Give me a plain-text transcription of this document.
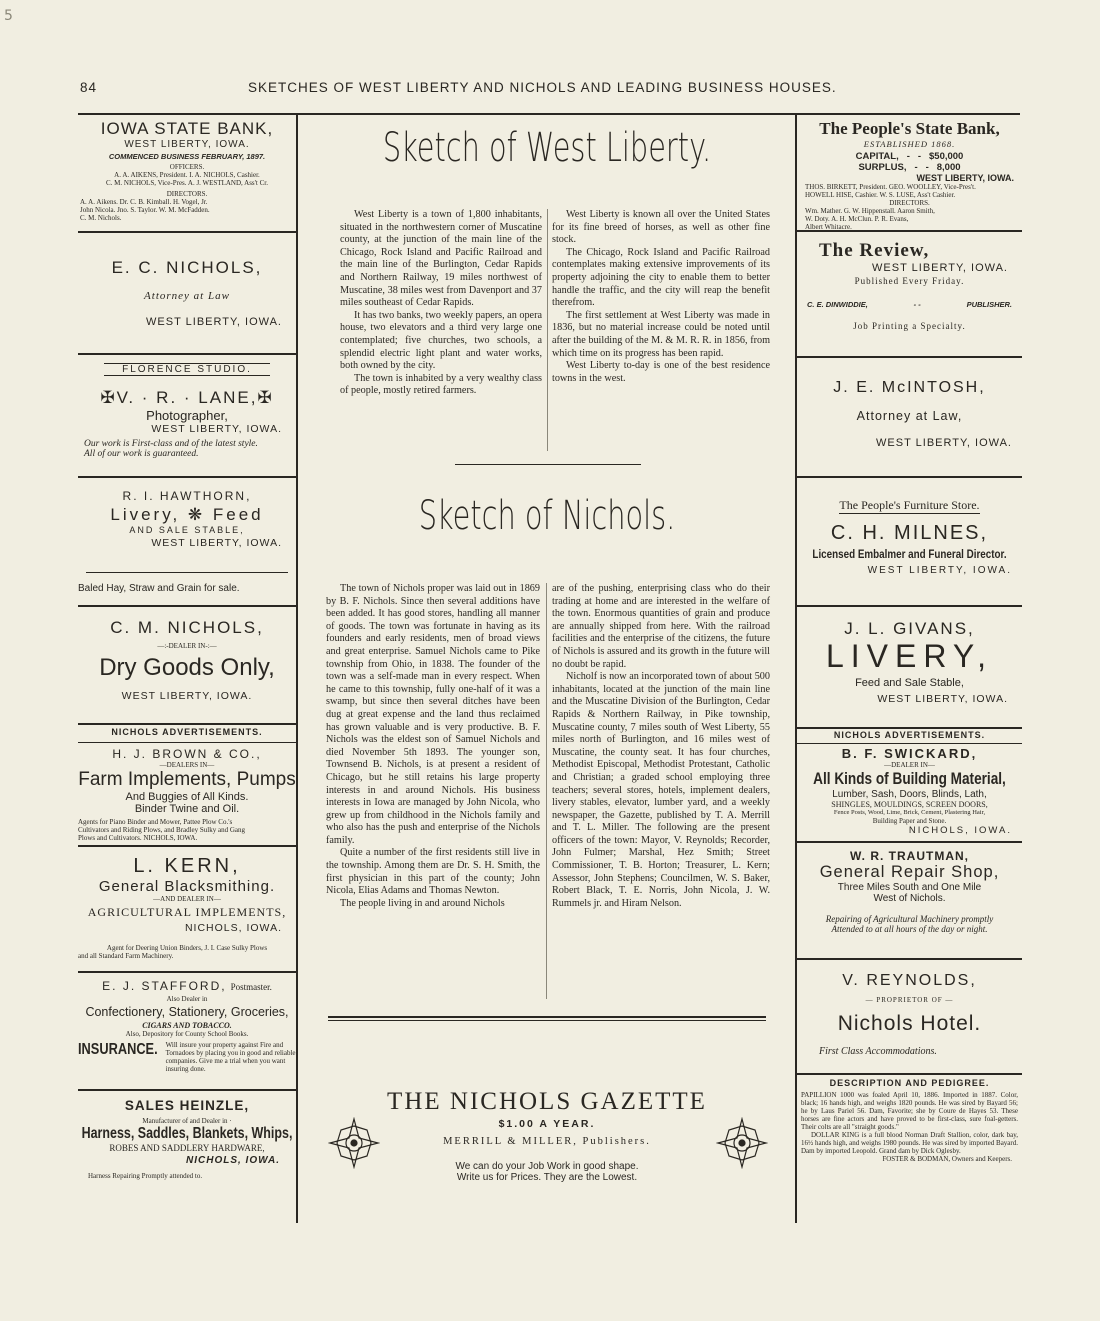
5
84	SKETCHES OF WEST LIBERTY AND NICHOLS AND LEADING BUSINESS HOUSES.
IOWA STATE BANK,
WEST LIBERTY, IOWA.
COMMENCED BUSINESS FEBRUARY, 1897.
OFFICERS.
A. A. AIKENS, President. I. A. NICHOLS, Cashier.
C. M. NICHOLS, Vice-Pres. A. J. WESTLAND, Ass't Cr.
DIRECTORS.
A. A. Aikens. Dr. C. B. Kimball. H. Vogel, Jr.
John Nicola. Jno. S. Taylor. W. M. McFadden.
C. M. Nichols.
E. C. NICHOLS,
Attorney at Law
WEST LIBERTY, IOWA.
FLORENCE STUDIO.
✠V. · R. · LANE,✠
Photographer,
WEST LIBERTY, IOWA.
Our work is First-class and of the latest style.
All of our work is guaranteed.
R. I. HAWTHORN,
Livery, ❋ Feed
AND SALE STABLE,
WEST LIBERTY, IOWA.
Baled Hay, Straw and Grain for sale.
C. M. NICHOLS,
—:-DEALER IN-:—
Dry Goods Only,
WEST LIBERTY, IOWA.
NICHOLS ADVERTISEMENTS.
H. J. BROWN & CO.,
—DEALERS IN—
Farm Implements, Pumps
And Buggies of All Kinds.
Binder Twine and Oil.
Agents for Piano Binder and Mower, Pattee Plow Co.'s
Cultivators and Riding Plows, and Bradley Sulky and Gang
Plows and Cultivators. NICHOLS, IOWA.
L. KERN,
General Blacksmithing.
—AND DEALER IN—
AGRICULTURAL IMPLEMENTS,
NICHOLS, IOWA.
Agent for Deering Union Binders, J. I. Case Sulky Plows
and all Standard Farm Machinery.
E. J. STAFFORD, Postmaster.
Also Dealer in
Confectionery, Stationery, Groceries,
CIGARS AND TOBACCO.
Also, Depository for County School Books.
INSURANCE. Will insure your property against Fire and Tornadoes by placing you in good and reliable companies. Give me a trial when you want insuring done.
SALES HEINZLE,
Manufacturer of and Dealer in ·
Harness, Saddles, Blankets, Whips,
ROBES AND SADDLERY HARDWARE,
NICHOLS, IOWA.
Harness Repairing Promptly attended to.
Sketch of West Liberty.

West Liberty is a town of 1,800 inhabitants, situated in the northwestern corner of Muscatine county, at the junction of the main line of the Chicago, Rock Island and Pacific Railroad and the main line of the Burlington, Cedar Rapids and Northern Railway, 19 miles northwest of Muscatine, 38 miles west from Davenport and 37 miles southeast of Cedar Rapids.

It has two banks, two weekly papers, an opera house, two elevators and a third very large one contemplated; five churches, two schools, a splendid electric light plant and water works, both owned by the city.

The town is inhabited by a very wealthy class of people, mostly retired farmers.

West Liberty is known all over the United States for its fine breed of horses, as well as other fine stock.

The Chicago, Rock Island and Pacific Railroad contemplates making extensive improvements of its property adjoining the city to enable them to better handle the traffic, and the city will reap the benefit therefrom.

The first settlement at West Liberty was made in 1836, but no material increase could be noted until after the building of the M. & M. R. R. in 1856, from which time on its progress has been rapid.

West Liberty to-day is one of the best residence towns in the west.

Sketch of Nichols.

The town of Nichols proper was laid out in 1869 by B. F. Nichols. Since then several additions have been added. It has good stores, handling all manner of goods. The town was fortunate in having as its founders and early residents, men of broad views and great enterprise. Samuel Nichols came to Pike township from Ohio, in 1838. The founder of the town was a self-made man in every respect. When he came to this township, fully one-half of it was a swamp, but since then several ditches have been dug at great expense and the land thus reclaimed has grown valuable and is very productive. B. F. Nichols was the eldest son of Samuel Nichols and died November 5th 1893. The younger son, Townsend B. Nichols, is at present a resident of Chicago, but he still retains his large property interests in and around Nichols. His business interests in Iowa are managed by John Nicola, who grew up from childhood in the Nichols family and who also has the push and enterprise of the Nichols family.

Quite a number of the first residents still live in the township. Among them are Dr. S. H. Smith, the first physician in this part of the county; John Nicola, Elias Adams and Thomas Newton.

The people living in and around Nichols

are of the pushing, enterprising class who do their trading at home and are interested in the welfare of the town. Enormous quantities of grain and produce are annually shipped from here. With the railroad facilities and the enterprise of the citizens, the future of Nichols is assured and its growth in the future will no doubt be rapid.

Nicholf is now an incorporated town of about 500 inhabitants, located at the junction of the main line and the Muscatine Division of the Burlington, Cedar Rapids & Northern Railway, in Pike township, Muscatine county, 7 miles south of West Liberty, 55 miles north of Burlington, and 16 miles west of Muscatine, the county seat. It has four churches, Methodist Episcopal, Methodist Protestant, Catholic and Christian; a graded school employing three teachers; several stores, hotels, implement dealers, livery stables, elevator, lumber yard, and a weekly newspaper, the Gazette, published by T. A. Merrill and T. L. Miller. The following are the present officers of the town: Mayor, V. Reynolds; Recorder, John Fulmer; Marshal, Hez Smith; Street Commissioner, T. B. Horton; Treasurer, L. Kern; Assessor, John Stephens; Councilmen, W. S. Baker, Robert Black, T. E. Norris, John Nicola, J. W. Rummels jr. and Hiram Nelson.

THE NICHOLS GAZETTE
$1.00 A YEAR.
MERRILL & MILLER, Publishers.
We can do your Job Work in good shape.
Write us for Prices. They are the Lowest.
The People's State Bank,
ESTABLISHED 1868.
CAPITAL, -   - $50,000
SURPLUS, -   - 8,000
WEST LIBERTY, IOWA.
THOS. BIRKETT, President. GEO. WOOLLEY, Vice-Pres't.
HOWELL HISE, Cashier. W. S. LUSE, Ass't Cashier.
DIRECTORS.
Wm. Mather. G. W. Hippenstall. Aaron Smith,
W. Doty. A. H. McClun. P. R. Evans,
Albert Whitacre.
The Review,
WEST LIBERTY, IOWA.
Published Every Friday.
C. E. DINWIDDIE,	- -	PUBLISHER.
Job Printing a Specialty.
J. E. McINTOSH,
Attorney at Law,
WEST LIBERTY, IOWA.
The People's Furniture Store.
C. H. MILNES,
Licensed Embalmer and Funeral Director.
WEST LIBERTY, IOWA.
J. L. GIVANS,
LIVERY,
Feed and Sale Stable,
WEST LIBERTY, IOWA.
NICHOLS ADVERTISEMENTS.
B. F. SWICKARD,
—DEALER IN—
All Kinds of Building Material,
Lumber, Sash, Doors, Blinds, Lath,
SHINGLES, MOULDINGS, SCREEN DOORS,
Fence Posts, Wood, Lime, Brick, Cement, Plastering Hair,
Building Paper and Stone.
NICHOLS, IOWA.
W. R. TRAUTMAN,
General Repair Shop,
Three Miles South and One Mile
West of Nichols.
Repairing of Agricultural Machinery promptly
Attended to at all hours of the day or night.
V. REYNOLDS,
— PROPRIETOR OF —
Nichols Hotel.
First Class Accommodations.
DESCRIPTION AND PEDIGREE.
PAPILLION 1000 was foaled April 10, 1886. Imported in 1887. Color, black; 16 hands high, and weighs 1820 pounds. He was sired by Bayard 56; he by Laus Pariel 56. Dam, Favorite; she by Coure de Hayes 53. These horses are fine actors and have proved to be first-class, sure foal-getters. Their colts are all "straight goods."
DOLLAR KING is a full blood Norman Draft Stallion, color, dark bay, 16½ hands high, and weighs 1980 pounds. He was sired by imported Bayard. Dam by imported Leopold. Grand dam by Dick Oglesby.
FOSTER & BODMAN, Owners and Keepers.
